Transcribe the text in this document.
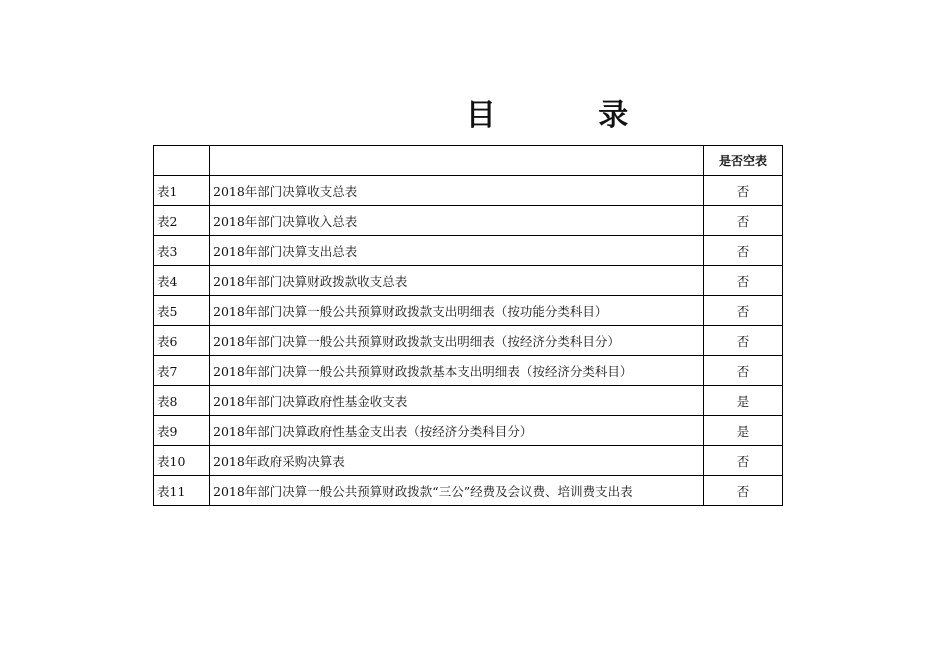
目 录
		是否空表
表1	2018年部门决算收支总表	否
表2	2018年部门决算收入总表	否
表3	2018年部门决算支出总表	否
表4	2018年部门决算财政拨款收支总表	否
表5	2018年部门决算一般公共预算财政拨款支出明细表（按功能分类科目）	否
表6	2018年部门决算一般公共预算财政拨款支出明细表（按经济分类科目分）	否
表7	2018年部门决算一般公共预算财政拨款基本支出明细表（按经济分类科目）	否
表8	2018年部门决算政府性基金收支表	是
表9	2018年部门决算政府性基金支出表（按经济分类科目分）	是
表10	2018年政府采购决算表	否
表11	2018年部门决算一般公共预算财政拨款“三公”经费及会议费、培训费支出表	否
